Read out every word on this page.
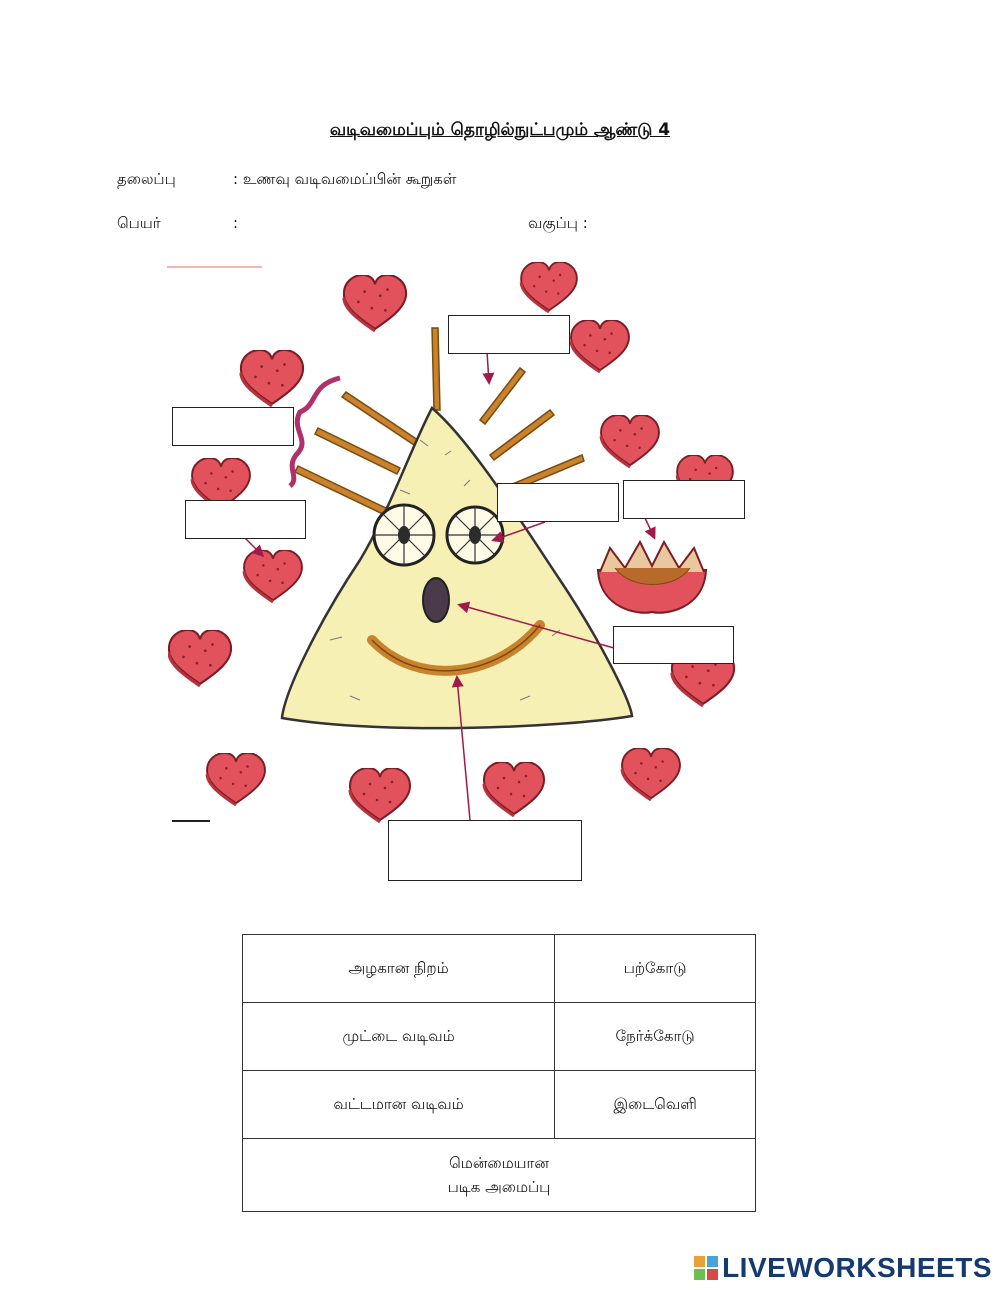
வடிவமைப்பும் தொழில்நுட்பமும் ஆண்டு 4
தலைப்பு	: உணவு வடிவமைப்பின் கூறுகள்
பெயர்	:	வகுப்பு :
அழகான நிறம்	பற்கோடு
முட்டை வடிவம்	நேர்க்கோடு
வட்டமான வடிவம்	இடைவெளி
மென்மையான
படிக அமைப்பு	
LIVEWORKSHEETS
